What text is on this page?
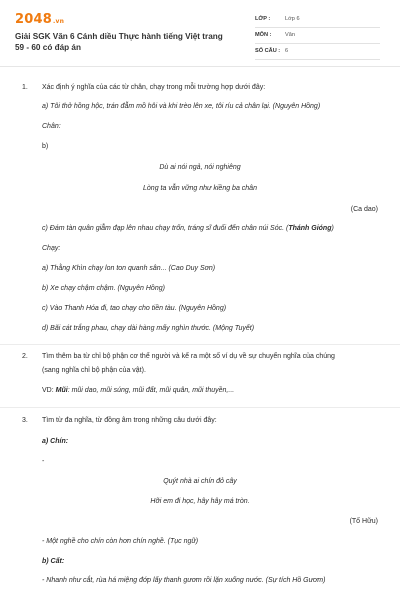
2048.vn
Giải SGK Văn 6 Cánh diều Thực hành tiếng Việt trang 59 - 60 có đáp án
LỚP :	Lớp 6
MÔN :	Văn
SỐ CÂU : 6
1. Xác định ý nghĩa của các từ chân, chạy trong mỗi trường hợp dưới đây:
a) Tôi thở hồng hộc, trán đẫm mồ hôi và khi trèo lên xe, tôi ríu cả chân lại. (Nguyên Hồng)
Chân:
b)
Dù ai nói ngả, nói nghiêng
Lòng ta vẫn vững như kiềng ba chân
(Ca dao)
c) Đám tàn quân giẫm đạp lên nhau chạy trốn, tráng sĩ đuổi đến chân núi Sóc. (Thánh Gióng)
Chạy:
a) Thằng Khìn chạy lon ton quanh sân... (Cao Duy Sơn)
b) Xe chạy chậm chậm. (Nguyên Hồng)
c) Vào Thanh Hóa đi, tao chạy cho tiền tàu. (Nguyên Hồng)
d) Bãi cát trắng phau, chạy dài hàng mấy nghìn thước. (Mộng Tuyết)
2. Tìm thêm ba từ chỉ bộ phận cơ thể người và kể ra một số ví dụ về sự chuyển nghĩa của chúng
(sang nghĩa chỉ bộ phận của vật).
VD: Mũi: mũi dao, mũi súng, mũi đất, mũi quân, mũi thuyền,...
3. Tìm từ đa nghĩa, từ đồng âm trong những câu dưới đây:
a) Chín:
-
Quýt nhà ai chín đỏ cây
Hỡi em đi học, hây hây má tròn.
(Tố Hữu)
- Một nghề cho chín còn hơn chín nghề. (Tục ngữ)
b) Cất:
- Nhanh như cắt, rùa há miệng đớp lấy thanh gươm rồi lặn xuống nước. (Sự tích Hồ Gươm)
